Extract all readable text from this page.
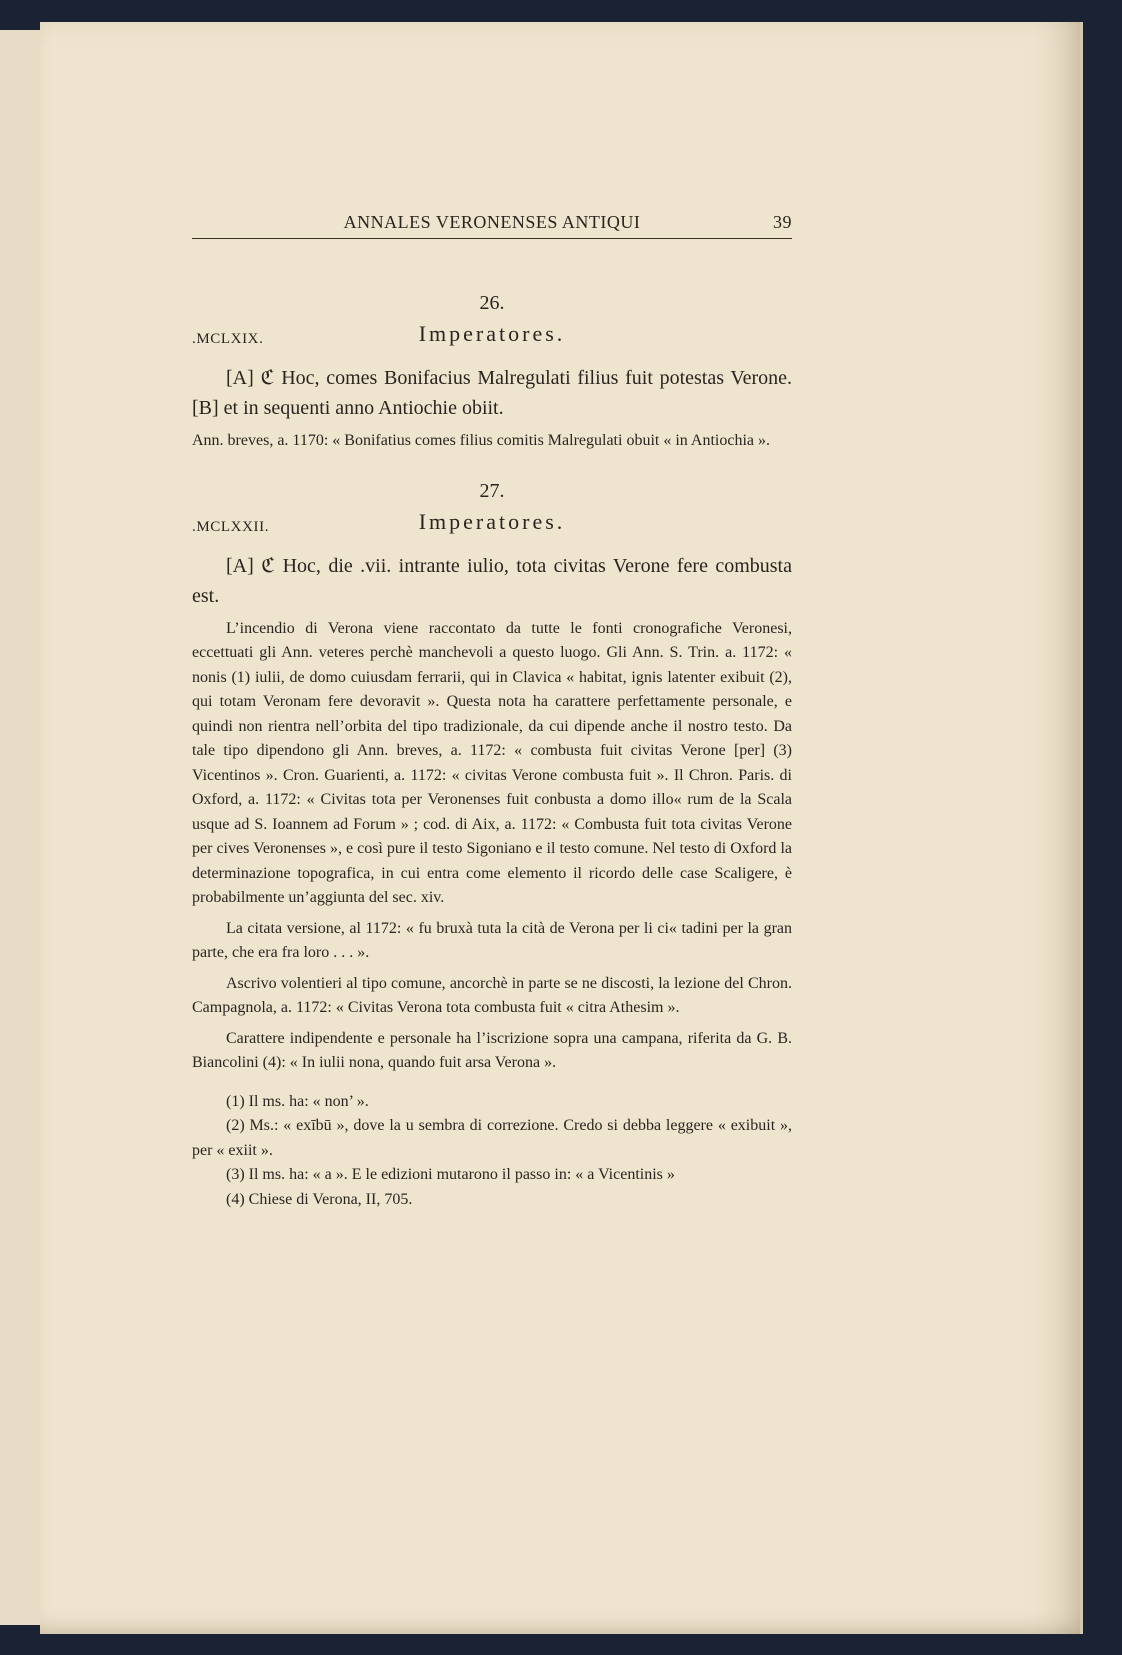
ANNALES VERONENSES ANTIQUI	39
26.
.MCLXIX.	Imperatores.
[A] ℭ Hoc, comes Bonifacius Malregulati filius fuit potestas Verone. [B] et in sequenti anno Antiochie obiit.
Ann. breves, a. 1170: « Bonifatius comes filius comitis Malregulati obuit « in Antiochia ».
27.
.MCLXXII.	Imperatores.
[A] ℭ Hoc, die .vii. intrante iulio, tota civitas Verone fere combusta est.
L’incendio di Verona viene raccontato da tutte le fonti cronografiche Veronesi, eccettuati gli Ann. veteres perchè manchevoli a questo luogo. Gli Ann. S. Trin. a. 1172: « nonis (1) iulii, de domo cuiusdam ferrarii, qui in Clavica « habitat, ignis latenter exibuit (2), qui totam Veronam fere devoravit ». Questa nota ha carattere perfettamente personale, e quindi non rientra nell’orbita del tipo tradizionale, da cui dipende anche il nostro testo. Da tale tipo dipendono gli Ann. breves, a. 1172: « combusta fuit civitas Verone [per] (3) Vicentinos ». Cron. Guarienti, a. 1172: « civitas Verone combusta fuit ». Il Chron. Paris. di Oxford, a. 1172: « Civitas tota per Veronenses fuit conbusta a domo illo« rum de la Scala usque ad S. Ioannem ad Forum » ; cod. di Aix, a. 1172: « Combusta fuit tota civitas Verone per cives Veronenses », e così pure il testo Sigoniano e il testo comune. Nel testo di Oxford la determinazione topografica, in cui entra come elemento il ricordo delle case Scaligere, è probabilmente un’aggiunta del sec. xiv.
La citata versione, al 1172: « fu bruxà tuta la cità de Verona per li ci« tadini per la gran parte, che era fra loro . . . ».
Ascrivo volentieri al tipo comune, ancorchè in parte se ne discosti, la lezione del Chron. Campagnola, a. 1172: « Civitas Verona tota combusta fuit « citra Athesim ».
Carattere indipendente e personale ha l’iscrizione sopra una campana, riferita da G. B. Biancolini (4): « In iulii nona, quando fuit arsa Verona ».
(1) Il ms. ha: « non’ ».
(2) Ms.: « exībū », dove la u sembra di correzione. Credo si debba leggere « exibuit », per « exiit ».
(3) Il ms. ha: « a ». E le edizioni mutarono il passo in: « a Vicentinis »
(4) Chiese di Verona, II, 705.
